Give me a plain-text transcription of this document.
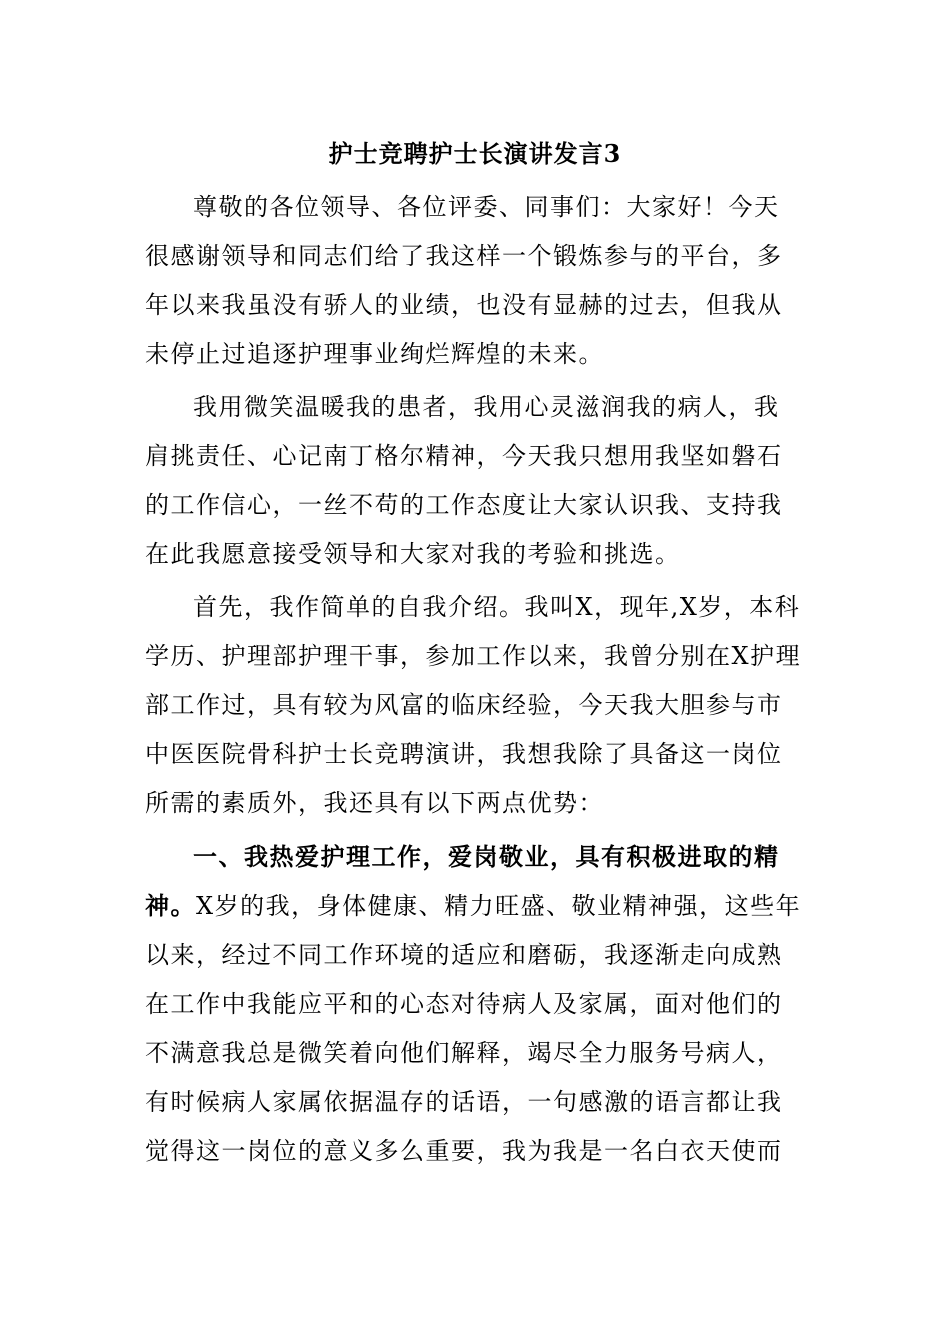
护士竞聘护士长演讲发言3

尊敬的各位领导、各位评委、同事们：大家好！今天
很感谢领导和同志们给了我这样一个锻炼参与的平台，多
年以来我虽没有骄人的业绩，也没有显赫的过去，但我从
未停止过追逐护理事业绚烂辉煌的未来。

我用微笑温暖我的患者，我用心灵滋润我的病人，我
肩挑责任、心记南丁格尔精神，今天我只想用我坚如磐石
的工作信心，一丝不苟的工作态度让大家认识我、支持我
在此我愿意接受领导和大家对我的考验和挑选。

首先，我作简单的自我介绍。我叫X，现年,X岁，本科
学历、护理部护理干事，参加工作以来，我曾分别在X护理
部工作过，具有较为风富的临床经验，今天我大胆参与市
中医医院骨科护士长竞聘演讲，我想我除了具备这一岗位
所需的素质外，我还具有以下两点优势：

一、我热爱护理工作，爱岗敬业，具有积极进取的精
神。X岁的我，身体健康、精力旺盛、敬业精神强，这些年
以来，经过不同工作环境的适应和磨砺，我逐渐走向成熟
在工作中我能应平和的心态对待病人及家属，面对他们的
不满意我总是微笑着向他们解释，竭尽全力服务号病人，
有时候病人家属依据温存的话语，一句感激的语言都让我
觉得这一岗位的意义多么重要，我为我是一名白衣天使而
